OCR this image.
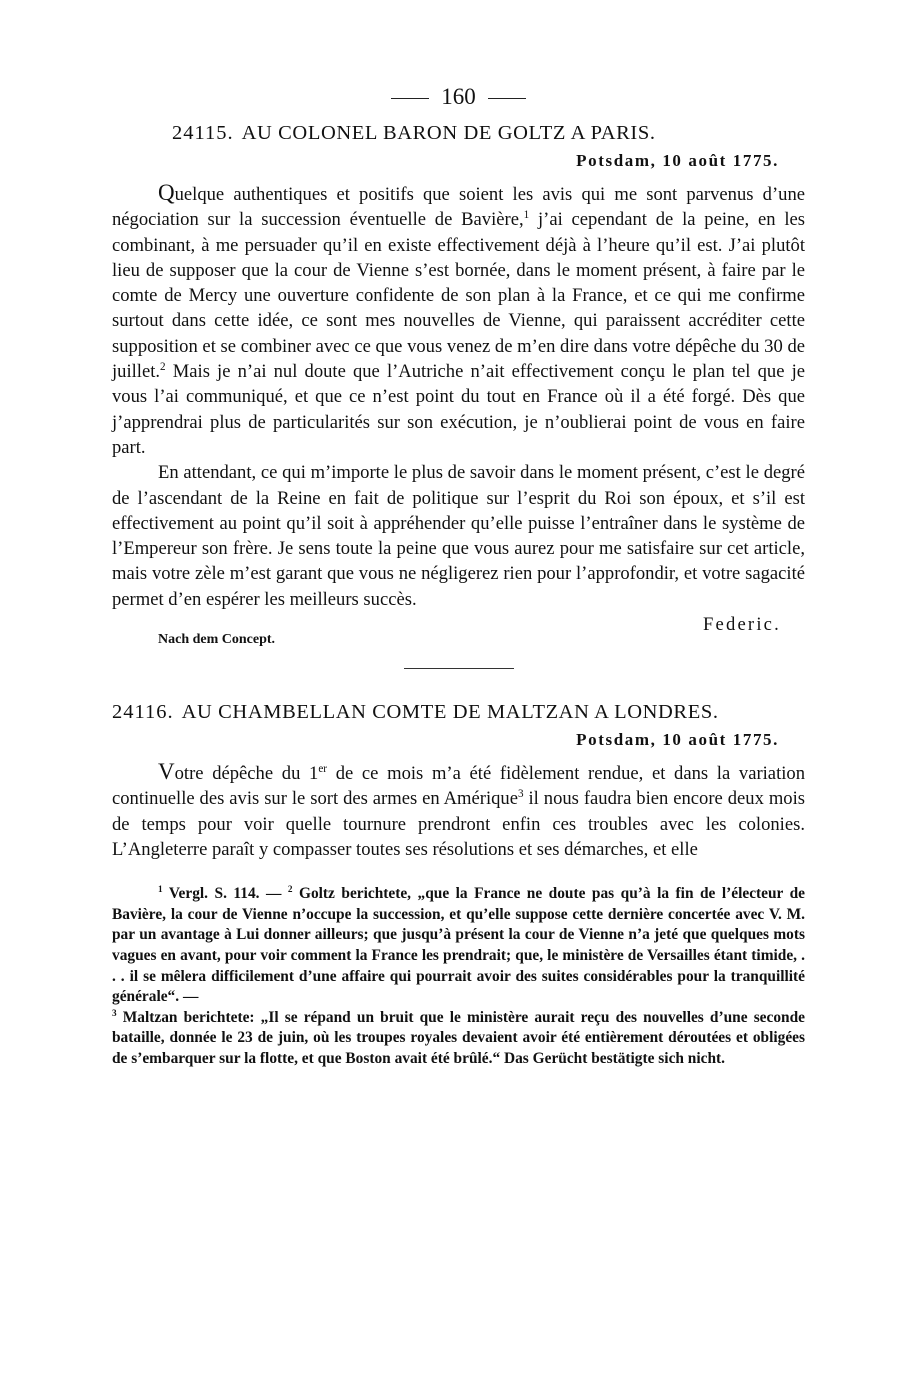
160
24115. AU COLONEL BARON DE GOLTZ A PARIS.
Potsdam, 10 août 1775.

Quelque authentiques et positifs que soient les avis qui me sont parvenus d’une négociation sur la succession éventuelle de Bavière,$^1$ j’ai cependant de la peine, en les combinant, à me persuader qu’il en existe effectivement déjà à l’heure qu’il est. J’ai plutôt lieu de supposer que la cour de Vienne s’est bornée, dans le moment présent, à faire par le comte de Mercy une ouverture confidente de son plan à la France, et ce qui me confirme surtout dans cette idée, ce sont mes nouvelles de Vienne, qui paraissent accréditer cette supposition et se combiner avec ce que vous venez de m’en dire dans votre dépêche du 30 de juillet.$^2$ Mais je n’ai nul doute que l’Autriche n’ait effectivement conçu le plan tel que je vous l’ai communiqué, et que ce n’est point du tout en France où il a été forgé. Dès que j’apprendrai plus de particularités sur son exécution, je n’oublierai point de vous en faire part.

En attendant, ce qui m’importe le plus de savoir dans le moment présent, c’est le degré de l’ascendant de la Reine en fait de politique sur l’esprit du Roi son époux, et s’il est effectivement au point qu’il soit à appréhender qu’elle puisse l’entraîner dans le système de l’Empereur son frère. Je sens toute la peine que vous aurez pour me satisfaire sur cet article, mais votre zèle m’est garant que vous ne négligerez rien pour l’approfondir, et votre sagacité permet d’en espérer les meilleurs succès.

Federic.
Nach dem Concept.
24116. AU CHAMBELLAN COMTE DE MALTZAN A LONDRES.
Potsdam, 10 août 1775.

Votre dépêche du 1er de ce mois m’a été fidèlement rendue, et dans la variation continuelle des avis sur le sort des armes en Amérique$^3$ il nous faudra bien encore deux mois de temps pour voir quelle tournure prendront enfin ces troubles avec les colonies. L’Angleterre paraît y compasser toutes ses résolutions et ses démarches, et elle

$^1$ Vergl. S. 114. — $^2$ Goltz berichtete, „que la France ne doute pas qu’à la fin de l’électeur de Bavière, la cour de Vienne n’occupe la succession, et qu’elle suppose cette dernière concertée avec V. M. par un avantage à Lui donner ailleurs; que jusqu’à présent la cour de Vienne n’a jeté que quelques mots vagues en avant, pour voir comment la France les prendrait; que, le ministère de Versailles étant timide, . . . il se mêlera difficilement d’une affaire qui pourrait avoir des suites considérables pour la tranquillité générale“. —
$^3$ Maltzan berichtete: „Il se répand un bruit que le ministère aurait reçu des nouvelles d’une seconde bataille, donnée le 23 de juin, où les troupes royales devaient avoir été entièrement déroutées et obligées de s’embarquer sur la flotte, et que Boston avait été brûlé.“ Das Gerücht bestätigte sich nicht.
